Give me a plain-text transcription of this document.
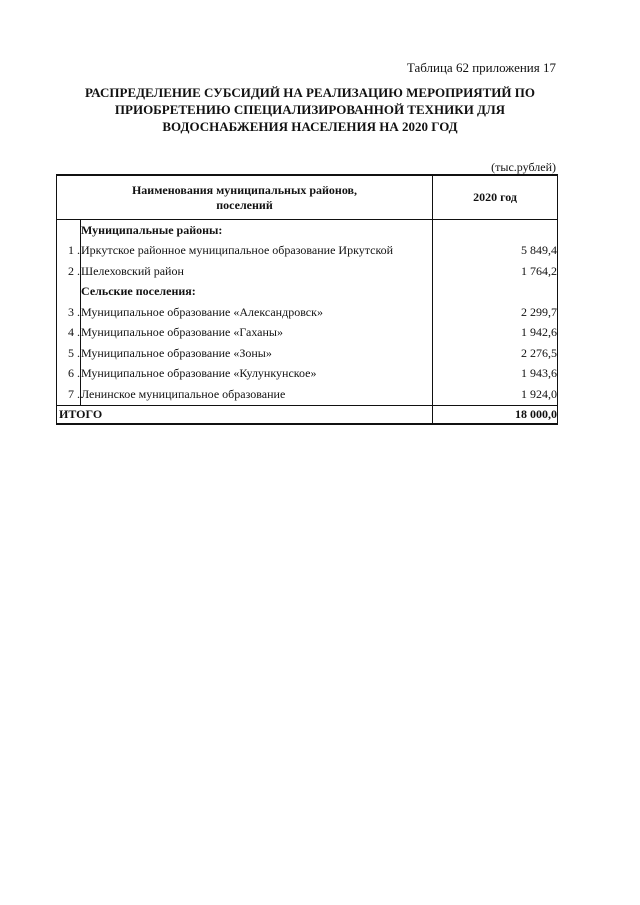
Таблица 62 приложения 17
РАСПРЕДЕЛЕНИЕ СУБСИДИЙ НА РЕАЛИЗАЦИЮ МЕРОПРИЯТИЙ ПО
ПРИОБРЕТЕНИЮ СПЕЦИАЛИЗИРОВАННОЙ ТЕХНИКИ ДЛЯ
ВОДОСНАБЖЕНИЯ НАСЕЛЕНИЯ НА 2020 ГОД
(тыс.рублей)
Наименования муниципальных районов,
поселений		2020 год
	Муниципальные районы:	
1 .	Иркутское районное муниципальное образование Иркутской	5 849,4
2 .	Шелеховский район	1 764,2
	Сельские поселения:	
3 .	Муниципальное образование «Александровск»	2 299,7
4 .	Муниципальное образование «Гаханы»	1 942,6
5 .	Муниципальное образование «Зоны»	2 276,5
6 .	Муниципальное образование «Кулункунское»	1 943,6
7 .	Ленинское муниципальное образование	1 924,0
ИТОГО		18 000,0
